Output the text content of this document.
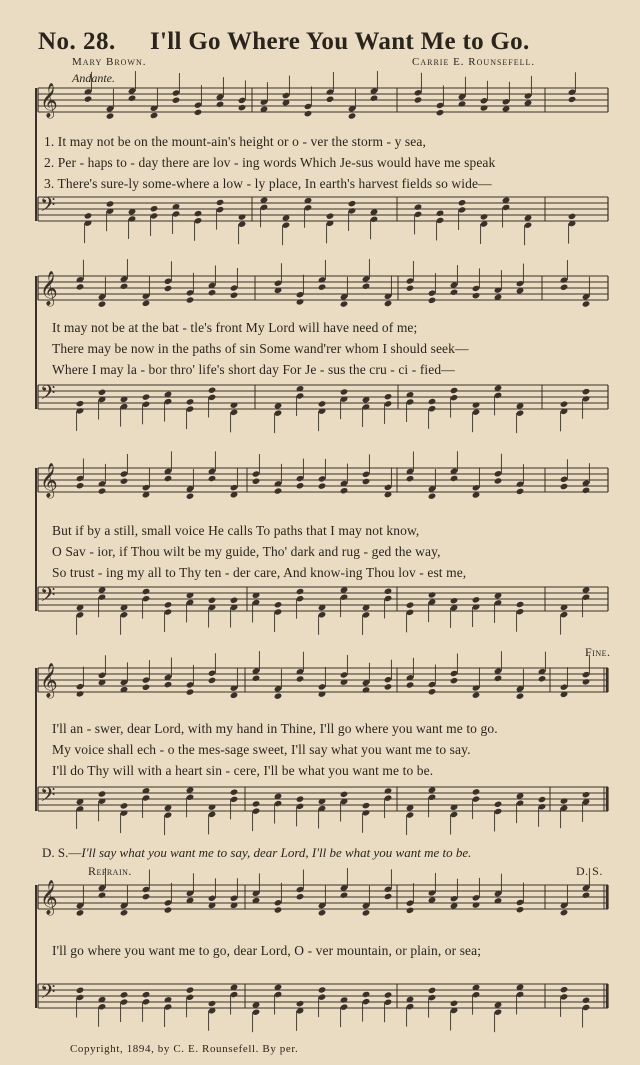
No. 28. I'll Go Where You Want Me to Go.
Mary Brown.	Carrie E. Rounsefell.
Andante.
𝄞
𝄢
𝄞
𝄢
𝄞
𝄢
𝄞
𝄢
𝄞
𝄢
1. It may not be on the mount-ain's height or o - ver the storm - y sea,
2. Per - haps to - day there are lov - ing words Which Je-sus would have me speak
3. There's sure-ly some-where a low - ly place, In earth's harvest fields so wide—
It may not be at the bat - tle's front My Lord will have need of me;
There may be now in the paths of sin Some wand'rer whom I should seek—
Where I may la - bor thro' life's short day For Je - sus the cru - ci - fied—
But if by a still, small voice He calls To paths that I may not know,
O Sav - ior, if Thou wilt be my guide, Tho' dark and rug - ged the way,
So trust - ing my all to Thy ten - der care, And know-ing Thou lov - est me,
Fine.
I'll an - swer, dear Lord, with my hand in Thine, I'll go where you want me to go.
My voice shall ech - o the mes-sage sweet, I'll say what you want me to say.
I'll do Thy will with a heart sin - cere, I'll be what you want me to be.
D. S.—I'll say what you want me to say, dear Lord, I'll be what you want me to be.
Refrain.	D. S.
I'll go where you want me to go, dear Lord, O - ver mountain, or plain, or sea;
Copyright, 1894, by C. E. Rounsefell. By per.
